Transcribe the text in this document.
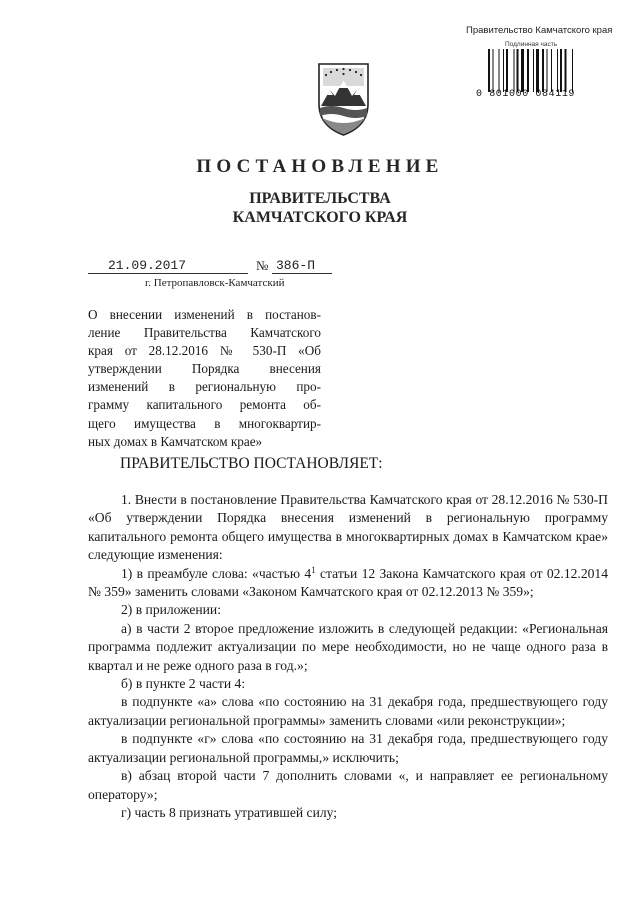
Правительство Камчатского края
Подлинная часть
0 801000 084119
ПОСТАНОВЛЕНИЕ
ПРАВИТЕЛЬСТВА
КАМЧАТСКОГО КРАЯ
21.09.2017	№ 386-П
г. Петропавловск-Камчатский
О внесении изменений в постанов-
ление Правительства Камчатского
края от 28.12.2016 № 530-П «Об
утверждении Порядка внесения
изменений в региональную про-
грамму капитального ремонта об-
щего имущества в многоквартир-
ных домах в Камчатском крае»
ПРАВИТЕЛЬСТВО ПОСТАНОВЛЯЕТ:

1. Внести в постановление Правительства Камчатского края от 28.12.2016 № 530-П «Об утверждении Порядка внесения изменений в региональную программу капитального ремонта общего имущества в многоквартирных домах в Камчатском крае» следующие изменения:

1) в преамбуле слова: «частью $4^1$ статьи 12 Закона Камчатского края от 02.12.2014 № 359» заменить словами «Законом Камчатского края от 02.12.2013 № 359»;

2) в приложении:

а) в части 2 второе предложение изложить в следующей редакции: «Региональная программа подлежит актуализации по мере необходимости, но не чаще одного раза в квартал и не реже одного раза в год.»;

б) в пункте 2 части 4:

в подпункте «а» слова «по состоянию на 31 декабря года, предшествующего году актуализации региональной программы» заменить словами «или реконструкции»;

в подпункте «г» слова «по состоянию на 31 декабря года, предшествующего году актуализации региональной программы,» исключить;

в) абзац второй части 7 дополнить словами «, и направляет ее региональному оператору»;

г) часть 8 признать утратившей силу;
